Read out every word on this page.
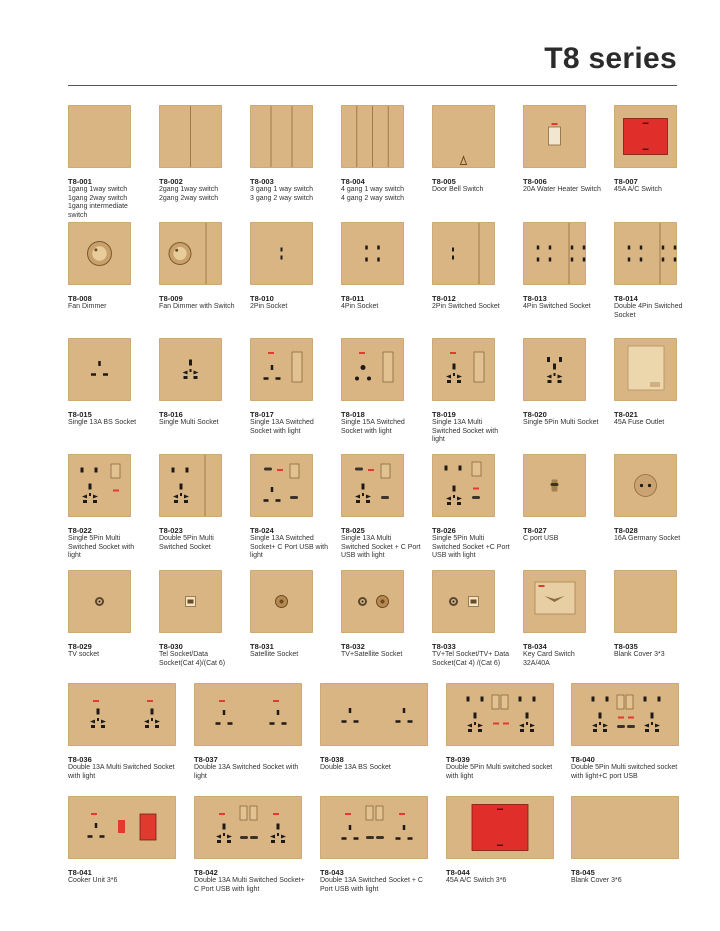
T8 series
T8-001
1gang 1way switch
1gang 2way switch
1gang intermediate switch
T8-002
2gang 1way switch
2gang 2way switch
T8-003
3 gang 1 way switch
3 gang 2 way switch
T8-004
4 gang 1 way switch
4 gang 2 way switch
T8-005
Door Bell Switch
T8-006
20A Water Heater Switch
T8-007
45A A/C Switch
T8-008
Fan Dimmer
T8-009
Fan Dimmer with Switch
T8-010
2Pin Socket
T8-011
4Pin Socket
T8-012
2Pin Switched Socket
T8-013
4Pin Switched Socket
T8-014
Double 4Pin Switched Socket
T8-015
Single 13A BS Socket
T8-016
Single Multi Socket
T8-017
Single 13A Switched Socket with light
T8-018
Single 15A Switched Socket with light
T8-019
Single 13A Multi Switched Socket with light
T8-020
Single 5Pin Multi Socket
T8-021
45A Fuse Outlet
T8-022
Single 5Pin Multi Switched Socket with light
T8-023
Double 5Pin Multi Switched Socket
T8-024
Single 13A Switched Socket+ C Port USB with light
T8-025
Single 13A Multi Switched Socket + C Port USB with light
T8-026
Single 5Pin Multi Switched Socket +C Port USB with light
T8-027
C port USB
T8-028
16A Germany Socket
T8-029
TV socket
T8-030
Tel Socket/Data Socket(Cat 4)/(Cat 6)
T8-031
Satellite Socket
T8-032
TV+Satellite Socket
T8-033
TV+Tel Socket/TV+ Data Socket(Cat 4) /(Cat 6)
T8-034
Key Card Switch 32A/40A
T8-035
Blank Cover 3*3
T8-036
Double 13A Multi Switched Socket with light
T8-037
Double 13A Switched Socket with light
T8-038
Double 13A BS Socket
T8-039
Double 5Pin Multi switched socket with light
T8-040
Double 5Pin Multi switched socket with light+C port USB
T8-041
Cooker Unit 3*6
T8-042
Double 13A Multi Switched Socket+ C Port USB with light
T8-043
Double 13A Switched Socket + C Port USB with light
T8-044
45A A/C Switch 3*6
T8-045
Blank Cover 3*6
